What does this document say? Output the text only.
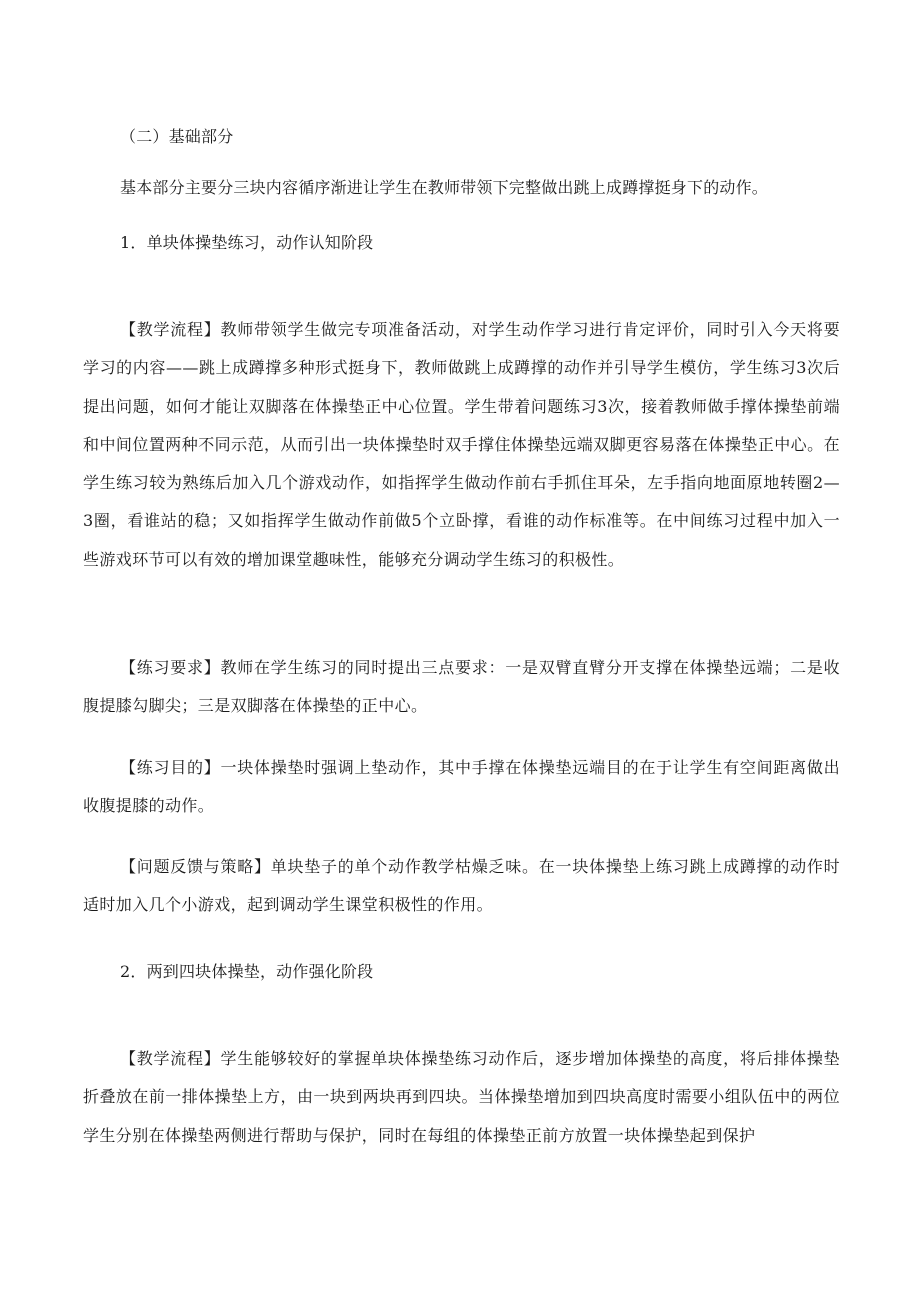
（二）基础部分
基本部分主要分三块内容循序渐进让学生在教师带领下完整做出跳上成蹲撑挺身下的动作。
1．单块体操垫练习，动作认知阶段
【教学流程】教师带领学生做完专项准备活动，对学生动作学习进行肯定评价，同时引入今天将要学习的内容——跳上成蹲撑多种形式挺身下，教师做跳上成蹲撑的动作并引导学生模仿，学生练习3次后提出问题，如何才能让双脚落在体操垫正中心位置。学生带着问题练习3次，接着教师做手撑体操垫前端和中间位置两种不同示范，从而引出一块体操垫时双手撑住体操垫远端双脚更容易落在体操垫正中心。在学生练习较为熟练后加入几个游戏动作，如指挥学生做动作前右手抓住耳朵，左手指向地面原地转圈2—3圈，看谁站的稳；又如指挥学生做动作前做5个立卧撑，看谁的动作标准等。在中间练习过程中加入一些游戏环节可以有效的增加课堂趣味性，能够充分调动学生练习的积极性。
【练习要求】教师在学生练习的同时提出三点要求：一是双臂直臂分开支撑在体操垫远端；二是收腹提膝勾脚尖；三是双脚落在体操垫的正中心。
【练习目的】一块体操垫时强调上垫动作，其中手撑在体操垫远端目的在于让学生有空间距离做出收腹提膝的动作。
【问题反馈与策略】单块垫子的单个动作教学枯燥乏味。在一块体操垫上练习跳上成蹲撑的动作时适时加入几个小游戏，起到调动学生课堂积极性的作用。
2．两到四块体操垫，动作强化阶段
【教学流程】学生能够较好的掌握单块体操垫练习动作后，逐步增加体操垫的高度，将后排体操垫折叠放在前一排体操垫上方，由一块到两块再到四块。当体操垫增加到四块高度时需要小组队伍中的两位学生分别在体操垫两侧进行帮助与保护，同时在每组的体操垫正前方放置一块体操垫起到保护
